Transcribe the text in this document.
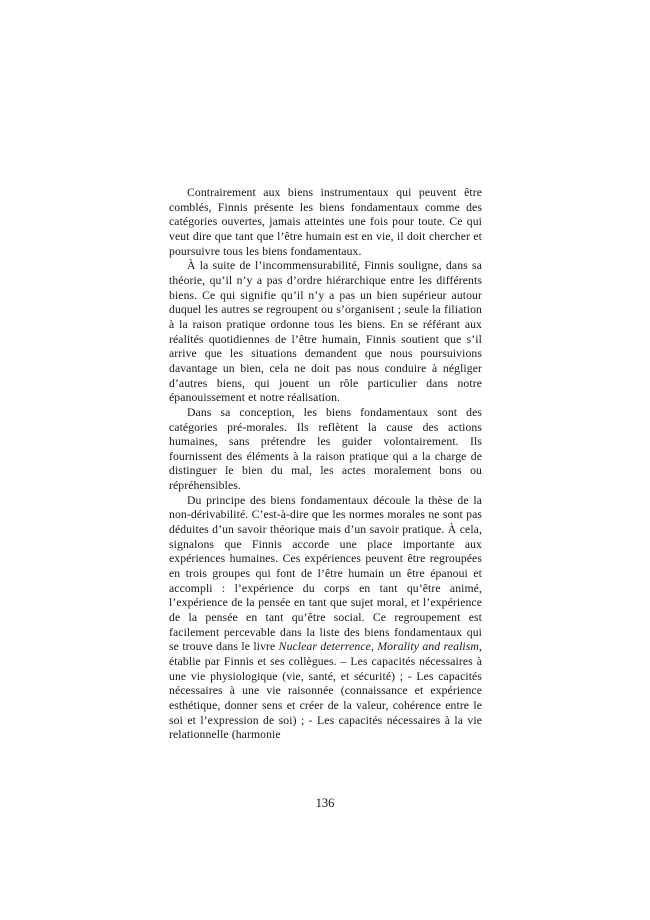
Contrairement aux biens instrumentaux qui peuvent être comblés, Finnis présente les biens fondamentaux comme des catégories ouvertes, jamais atteintes une fois pour toute. Ce qui veut dire que tant que l’être humain est en vie, il doit chercher et poursuivre tous les biens fondamentaux.

À la suite de l’incommensurabilité, Finnis souligne, dans sa théorie, qu’il n’y a pas d’ordre hiérarchique entre les différents biens. Ce qui signifie qu’il n’y a pas un bien supérieur autour duquel les autres se regroupent ou s’organisent ; seule la filiation à la raison pratique ordonne tous les biens. En se référant aux réalités quotidiennes de l’être humain, Finnis soutient que s’il arrive que les situations demandent que nous poursuivions davantage un bien, cela ne doit pas nous conduire à négliger d’autres biens, qui jouent un rôle particulier dans notre épanouissement et notre réalisation.

Dans sa conception, les biens fondamentaux sont des catégories pré-morales. Ils reflètent la cause des actions humaines, sans prétendre les guider volontairement. Ils fournissent des éléments à la raison pratique qui a la charge de distinguer le bien du mal, les actes moralement bons ou répréhensibles.

Du principe des biens fondamentaux découle la thèse de la non-dérivabilité. C’est-à-dire que les normes morales ne sont pas déduites d’un savoir théorique mais d’un savoir pratique. À cela, signalons que Finnis accorde une place importante aux expériences humaines. Ces expériences peuvent être regroupées en trois groupes qui font de l’être humain un être épanoui et accompli : l’expérience du corps en tant qu’être animé, l’expérience de la pensée en tant que sujet moral, et l’expérience de la pensée en tant qu’être social. Ce regroupement est facilement percevable dans la liste des biens fondamentaux qui se trouve dans le livre Nuclear deterrence, Morality and realism, établie par Finnis et ses collègues. – Les capacités nécessaires à une vie physiologique (vie, santé, et sécurité) ; - Les capacités nécessaires à une vie raisonnée (connaissance et expérience esthétique, donner sens et créer de la valeur, cohérence entre le soi et l’expression de soi) ; - Les capacités nécessaires à la vie relationnelle (harmonie

136
